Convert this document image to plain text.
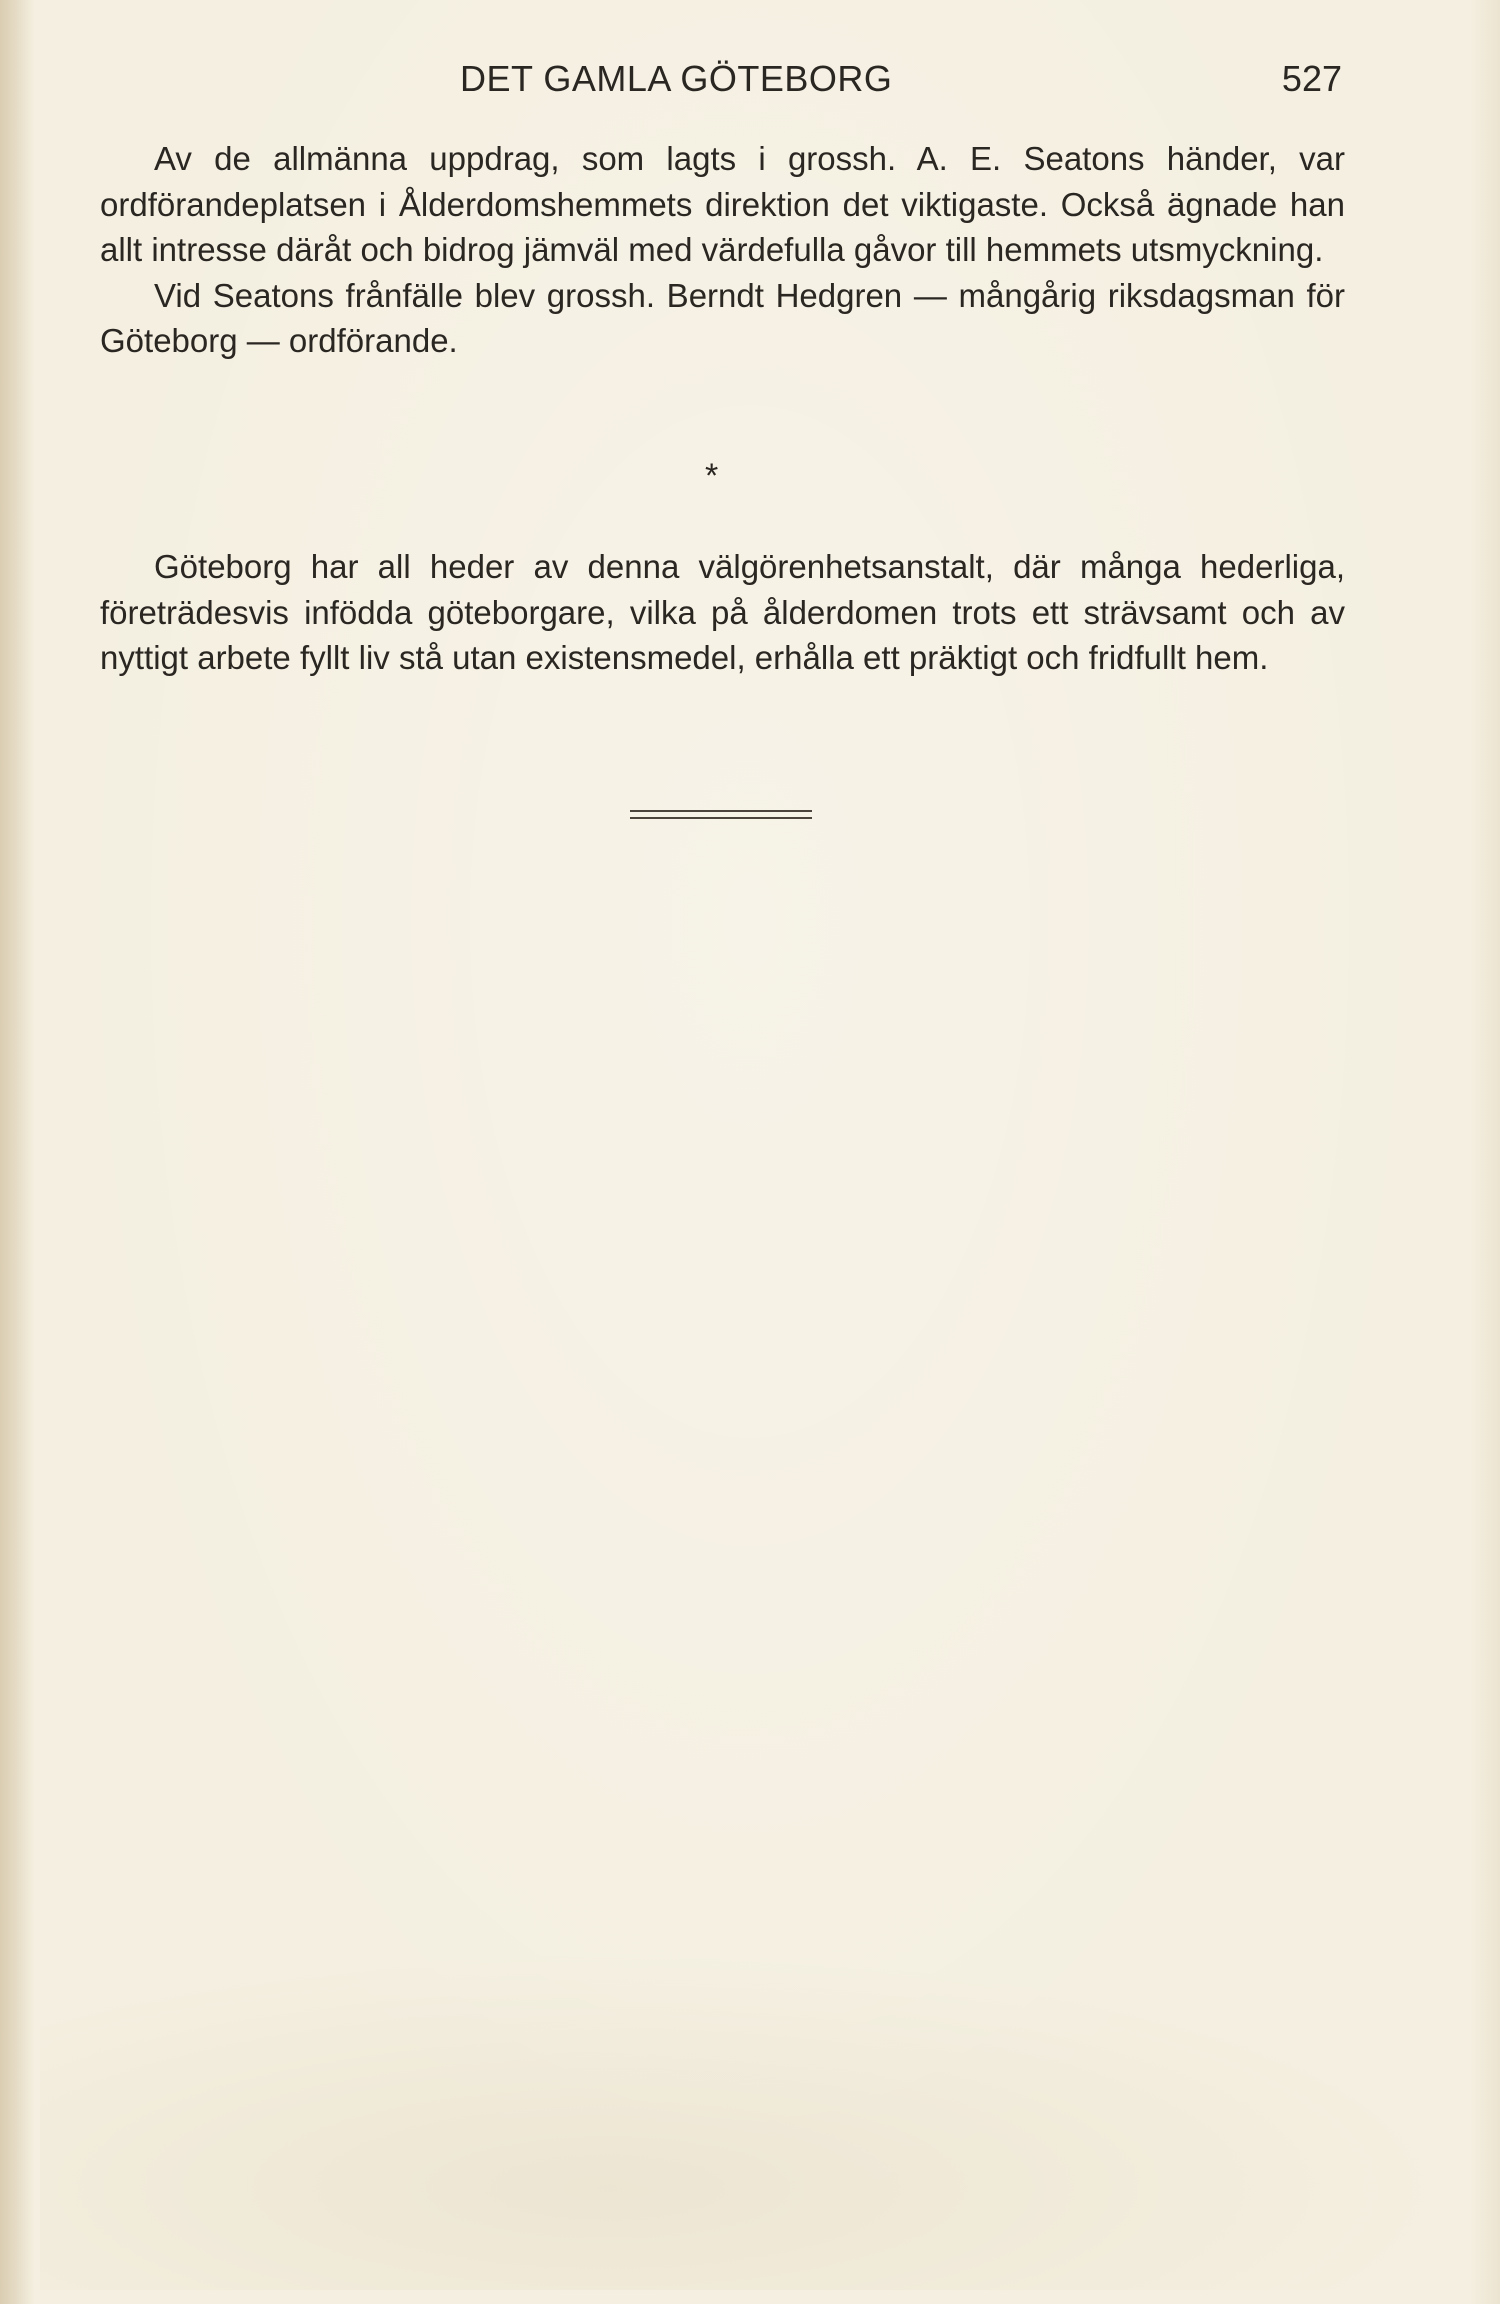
DET GAMLA GÖTEBORG	527

Av de allmänna uppdrag, som lagts i grossh. A. E. Seatons händer, var ordförandeplatsen i Ålderdomshemmets direktion det viktigaste. Också ägnade han allt intresse däråt och bidrog jämväl med värdefulla gåvor till hemmets utsmyckning.

Vid Seatons frånfälle blev grossh. Berndt Hedgren — mångårig riksdagsman för Göteborg — ordförande.

*

Göteborg har all heder av denna välgörenhetsanstalt, där många hederliga, företrädesvis infödda göteborgare, vilka på ålderdomen trots ett strävsamt och av nyttigt arbete fyllt liv stå utan existensmedel, erhålla ett präktigt och fridfullt hem.
